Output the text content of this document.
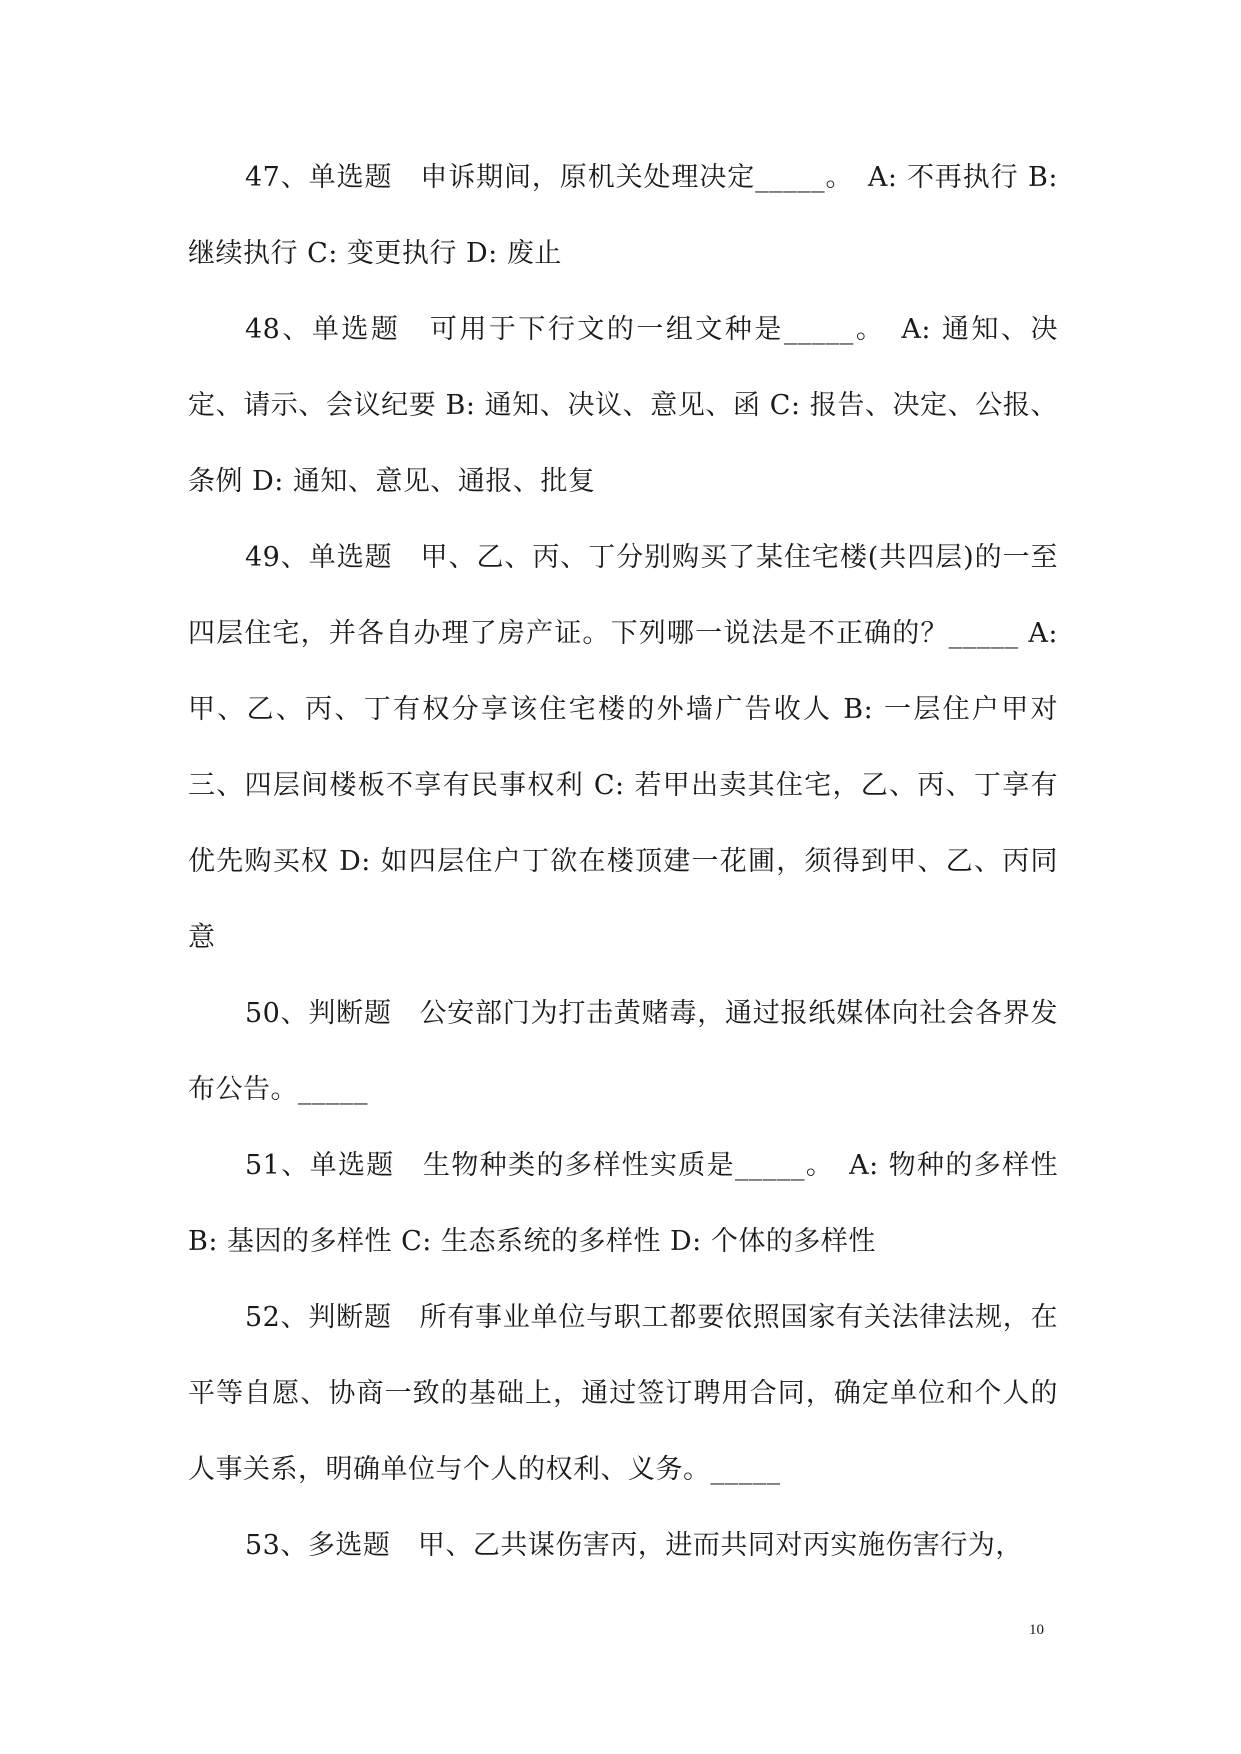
47、单选题　申诉期间，原机关处理决定_____。　A: 不再执行 B: 继续执行 C: 变更执行 D: 废止

48、单选题　可用于下行文的一组文种是_____。　A: 通知、决定、请示、会议纪要 B: 通知、决议、意见、函 C: 报告、决定、公报、条例 D: 通知、意见、通报、批复

49、单选题　甲、乙、丙、丁分别购买了某住宅楼(共四层)的一至四层住宅，并各自办理了房产证。下列哪一说法是不正确的？_____ A: 甲、乙、丙、丁有权分享该住宅楼的外墙广告收人 B: 一层住户甲对三、四层间楼板不享有民事权利 C: 若甲出卖其住宅，乙、丙、丁享有优先购买权 D: 如四层住户丁欲在楼顶建一花圃，须得到甲、乙、丙同意

50、判断题　公安部门为打击黄赌毒，通过报纸媒体向社会各界发布公告。_____

51、单选题　生物种类的多样性实质是_____。　A: 物种的多样性 B: 基因的多样性 C: 生态系统的多样性 D: 个体的多样性

52、判断题　所有事业单位与职工都要依照国家有关法律法规，在平等自愿、协商一致的基础上，通过签订聘用合同，确定单位和个人的人事关系，明确单位与个人的权利、义务。_____

53、多选题　甲、乙共谋伤害丙，进而共同对丙实施伤害行为，

10
